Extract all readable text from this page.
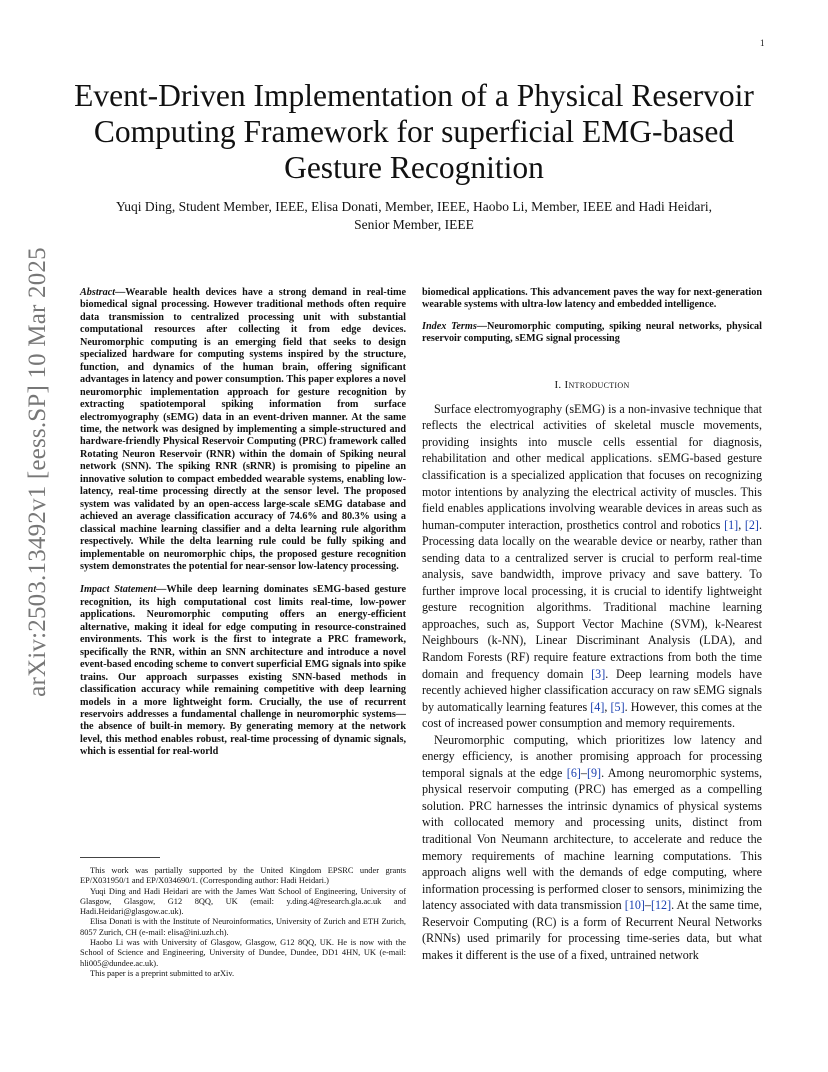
1
arXiv:2503.13492v1 [eess.SP] 10 Mar 2025
Event-Driven Implementation of a Physical Reservoir Computing Framework for superficial EMG-based Gesture Recognition
Yuqi Ding, Student Member, IEEE, Elisa Donati, Member, IEEE, Haobo Li, Member, IEEE and Hadi Heidari,
Senior Member, IEEE

Abstract—Wearable health devices have a strong demand in real-time biomedical signal processing. However traditional methods often require data transmission to centralized processing unit with substantial computational resources after collecting it from edge devices. Neuromorphic computing is an emerging field that seeks to design specialized hardware for computing systems inspired by the structure, function, and dynamics of the human brain, offering significant advantages in latency and power consumption. This paper explores a novel neuromorphic implementation approach for gesture recognition by extracting spatiotemporal spiking information from surface electromyography (sEMG) data in an event-driven manner. At the same time, the network was designed by implementing a simple-structured and hardware-friendly Physical Reservoir Computing (PRC) framework called Rotating Neuron Reservoir (RNR) within the domain of Spiking neural network (SNN). The spiking RNR (sRNR) is promising to pipeline an innovative solution to compact embedded wearable systems, enabling low-latency, real-time processing directly at the sensor level. The proposed system was validated by an open-access large-scale sEMG database and achieved an average classification accuracy of 74.6% and 80.3% using a classical machine learning classifier and a delta learning rule algorithm respectively. While the delta learning rule could be fully spiking and implementable on neuromorphic chips, the proposed gesture recognition system demonstrates the potential for near-sensor low-latency processing.

Impact Statement—While deep learning dominates sEMG-based gesture recognition, its high computational cost limits real-time, low-power applications. Neuromorphic computing offers an energy-efficient alternative, making it ideal for edge computing in resource-constrained environments. This work is the first to integrate a PRC framework, specifically the RNR, within an SNN architecture and introduce a novel event-based encoding scheme to convert superficial EMG signals into spike trains. Our approach surpasses existing SNN-based methods in classification accuracy while remaining competitive with deep learning models in a more lightweight form. Crucially, the use of recurrent reservoirs addresses a fundamental challenge in neuromorphic systems—the absence of built-in memory. By generating memory at the network level, this method enables robust, real-time processing of dynamic signals, which is essential for real-world

This work was partially supported by the United Kingdom EPSRC under grants EP/X031950/1 and EP/X034690/1. (Corresponding author: Hadi Heidari.)

Yuqi Ding and Hadi Heidari are with the James Watt School of Engineering, University of Glasgow, Glasgow, G12 8QQ, UK (email: y.ding.4@research.gla.ac.uk and Hadi.Heidari@glasgow.ac.uk).

Elisa Donati is with the Institute of Neuroinformatics, University of Zurich and ETH Zurich, 8057 Zurich, CH (e-mail: elisa@ini.uzh.ch).

Haobo Li was with University of Glasgow, Glasgow, G12 8QQ, UK. He is now with the School of Science and Engineering, University of Dundee, Dundee, DD1 4HN, UK (e-mail: hli005@dundee.ac.uk).

This paper is a preprint submitted to arXiv.

biomedical applications. This advancement paves the way for next-generation wearable systems with ultra-low latency and embedded intelligence.

Index Terms—Neuromorphic computing, spiking neural networks, physical reservoir computing, sEMG signal processing

I. Introduction

Surface electromyography (sEMG) is a non-invasive technique that reflects the electrical activities of skeletal muscle movements, providing insights into muscle cells essential for diagnosis, rehabilitation and other medical applications. sEMG-based gesture classification is a specialized application that focuses on recognizing motor intentions by analyzing the electrical activity of muscles. This field enables applications involving wearable devices in areas such as human-computer interaction, prosthetics control and robotics [1], [2]. Processing data locally on the wearable device or nearby, rather than sending data to a centralized server is crucial to perform real-time analysis, save bandwidth, improve privacy and save battery. To further improve local processing, it is crucial to identify lightweight gesture recognition algorithms. Traditional machine learning approaches, such as, Support Vector Machine (SVM), k-Nearest Neighbours (k-NN), Linear Discriminant Analysis (LDA), and Random Forests (RF) require feature extractions from both the time domain and frequency domain [3]. Deep learning models have recently achieved higher classification accuracy on raw sEMG signals by automatically learning features [4], [5]. However, this comes at the cost of increased power consumption and memory requirements.

Neuromorphic computing, which prioritizes low latency and energy efficiency, is another promising approach for processing temporal signals at the edge [6]–[9]. Among neuromorphic systems, physical reservoir computing (PRC) has emerged as a compelling solution. PRC harnesses the intrinsic dynamics of physical systems with collocated memory and processing units, distinct from traditional Von Neumann architecture, to accelerate and reduce the memory requirements of machine learning computations. This approach aligns well with the demands of edge computing, where information processing is performed closer to sensors, minimizing the latency associated with data transmission [10]–[12]. At the same time, Reservoir Computing (RC) is a form of Recurrent Neural Networks (RNNs) used primarily for processing time-series data, but what makes it different is the use of a fixed, untrained network
